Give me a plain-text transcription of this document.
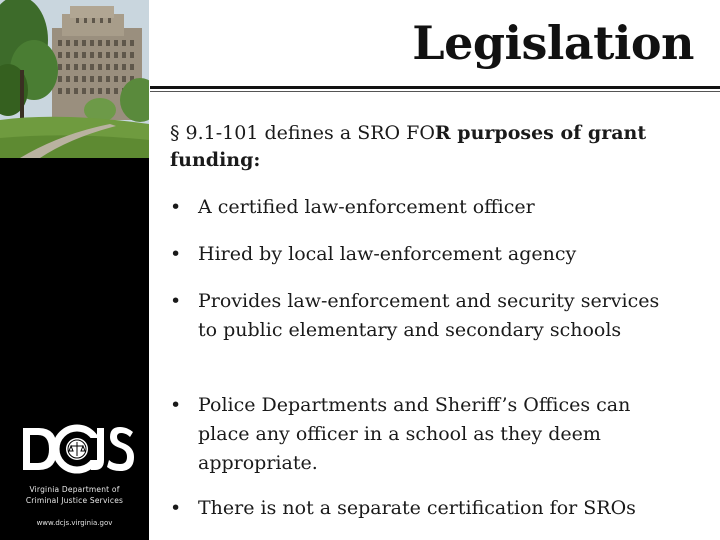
Virginia Department of
Criminal Justice Services
www.dcjs.virginia.gov
Legislation
§ 9.1-101 defines a SRO FOR purposes of grant funding:
• A certified law-enforcement officer
• Hired by local law-enforcement agency
• Provides law-enforcement and security services to public elementary and secondary schools
• Police Departments and Sheriff’s Offices can place any officer in a school as they deem appropriate.
• There is not a separate certification for SROs
